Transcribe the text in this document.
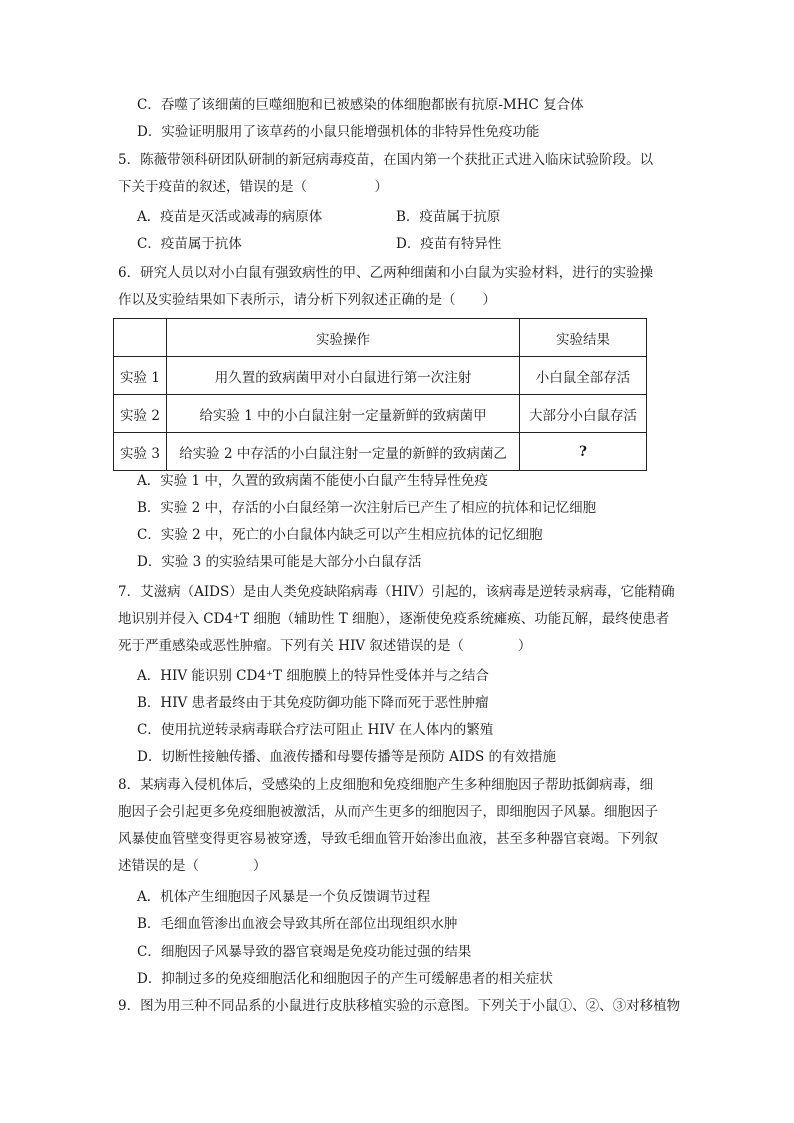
C．吞噬了该细菌的巨噬细胞和已被感染的体细胞都嵌有抗原-MHC 复合体
D．实验证明服用了该草药的小鼠只能增强机体的非特异性免疫功能
5．陈薇带领科研团队研制的新冠病毒疫苗，在国内第一个获批正式进入临床试验阶段。以
下关于疫苗的叙述，错误的是（　　　　　）
A．疫苗是灭活或减毒的病原体	B．疫苗属于抗原
C．疫苗属于抗体	D．疫苗有特异性
6．研究人员以对小白鼠有强致病性的甲、乙两种细菌和小白鼠为实验材料，进行的实验操
作以及实验结果如下表所示，请分析下列叙述正确的是（　　）
	实验操作	实验结果
实验 1	用久置的致病菌甲对小白鼠进行第一次注射	小白鼠全部存活
实验 2	给实验 1 中的小白鼠注射一定量新鲜的致病菌甲	大部分小白鼠存活
实验 3	给实验 2 中存活的小白鼠注射一定量的新鲜的致病菌乙	?
A．实验 1 中，久置的致病菌不能使小白鼠产生特异性免疫
B．实验 2 中，存活的小白鼠经第一次注射后已产生了相应的抗体和记忆细胞
C．实验 2 中，死亡的小白鼠体内缺乏可以产生相应抗体的记忆细胞
D．实验 3 的实验结果可能是大部分小白鼠存活
7．艾滋病（AIDS）是由人类免疫缺陷病毒（HIV）引起的，该病毒是逆转录病毒，它能精确
地识别并侵入 CD4⁺T 细胞（辅助性 T 细胞），逐渐使免疫系统瘫痪、功能瓦解，最终使患者
死于严重感染或恶性肿瘤。下列有关 HIV 叙述错误的是（　　　　）
A．HIV 能识别 CD4⁺T 细胞膜上的特异性受体并与之结合
B．HIV 患者最终由于其免疫防御功能下降而死于恶性肿瘤
C．使用抗逆转录病毒联合疗法可阻止 HIV 在人体内的繁殖
D．切断性接触传播、血液传播和母婴传播等是预防 AIDS 的有效措施
8．某病毒入侵机体后，受感染的上皮细胞和免疫细胞产生多种细胞因子帮助抵御病毒，细
胞因子会引起更多免疫细胞被激活，从而产生更多的细胞因子，即细胞因子风暴。细胞因子
风暴使血管壁变得更容易被穿透，导致毛细血管开始渗出血液，甚至多种器官衰竭。下列叙
述错误的是（　　　　）
A．机体产生细胞因子风暴是一个负反馈调节过程
B．毛细血管渗出血液会导致其所在部位出现组织水肿
C．细胞因子风暴导致的器官衰竭是免疫功能过强的结果
D．抑制过多的免疫细胞活化和细胞因子的产生可缓解患者的相关症状
9．图为用三种不同品系的小鼠进行皮肤移植实验的示意图。下列关于小鼠①、②、③对移植物
